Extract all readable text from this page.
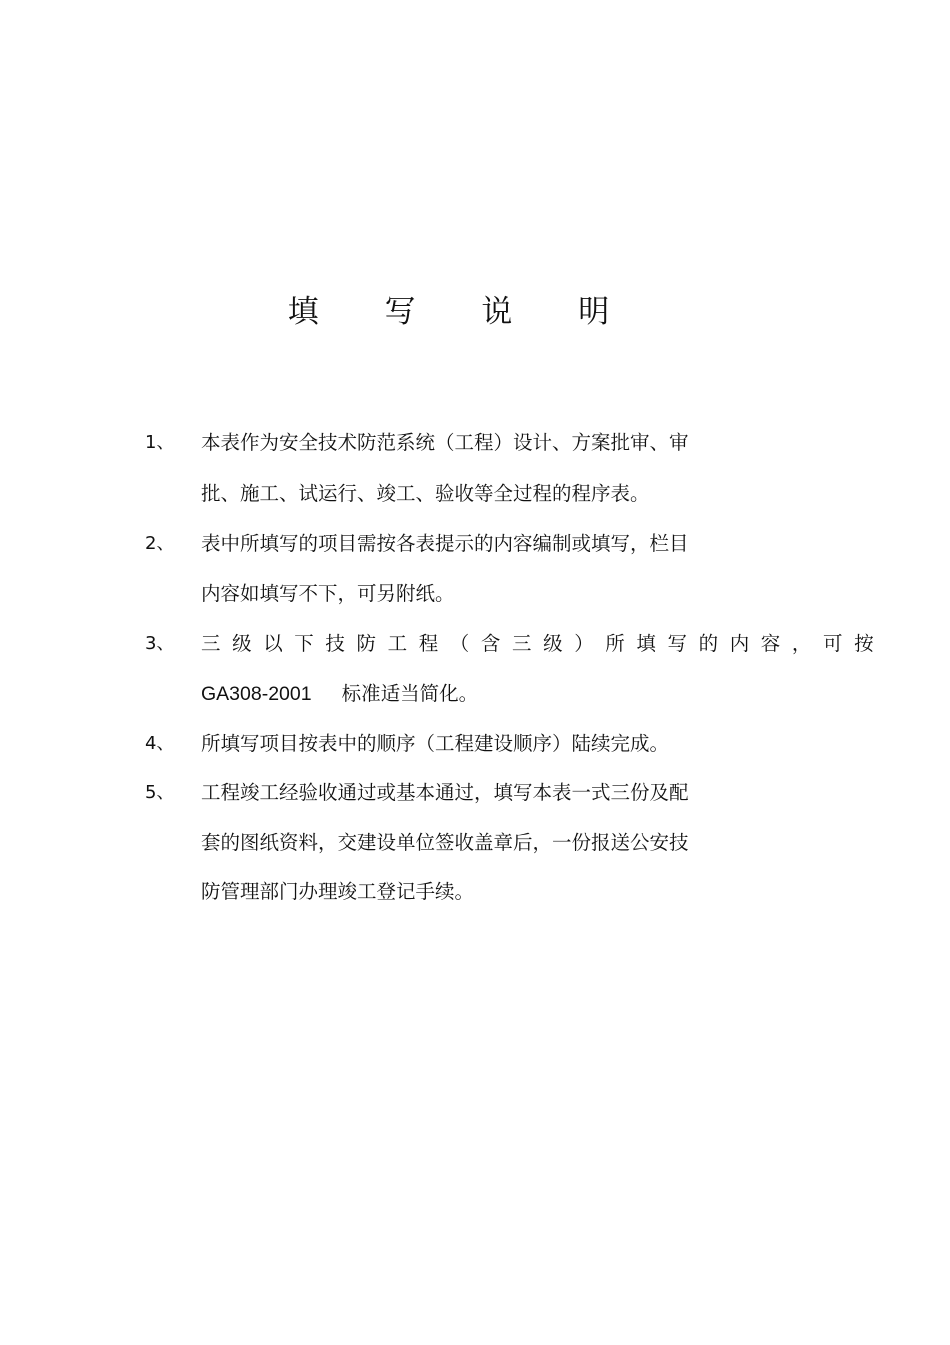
填 写 说 明
1、 本表作为安全技术防范系统（工程）设计、方案批审、审
批、施工、试运行、竣工、验收等全过程的程序表。
2、 表中所填写的项目需按各表提示的内容编制或填写，栏目
内容如填写不下，可另附纸。
3、 三级以下技防工程（含三级）所填写的内容，可按
GA308-2001 标准适当简化。
4、 所填写项目按表中的顺序（工程建设顺序）陆续完成。
5、 工程竣工经验收通过或基本通过，填写本表一式三份及配
套的图纸资料，交建设单位签收盖章后，一份报送公安技
防管理部门办理竣工登记手续。
